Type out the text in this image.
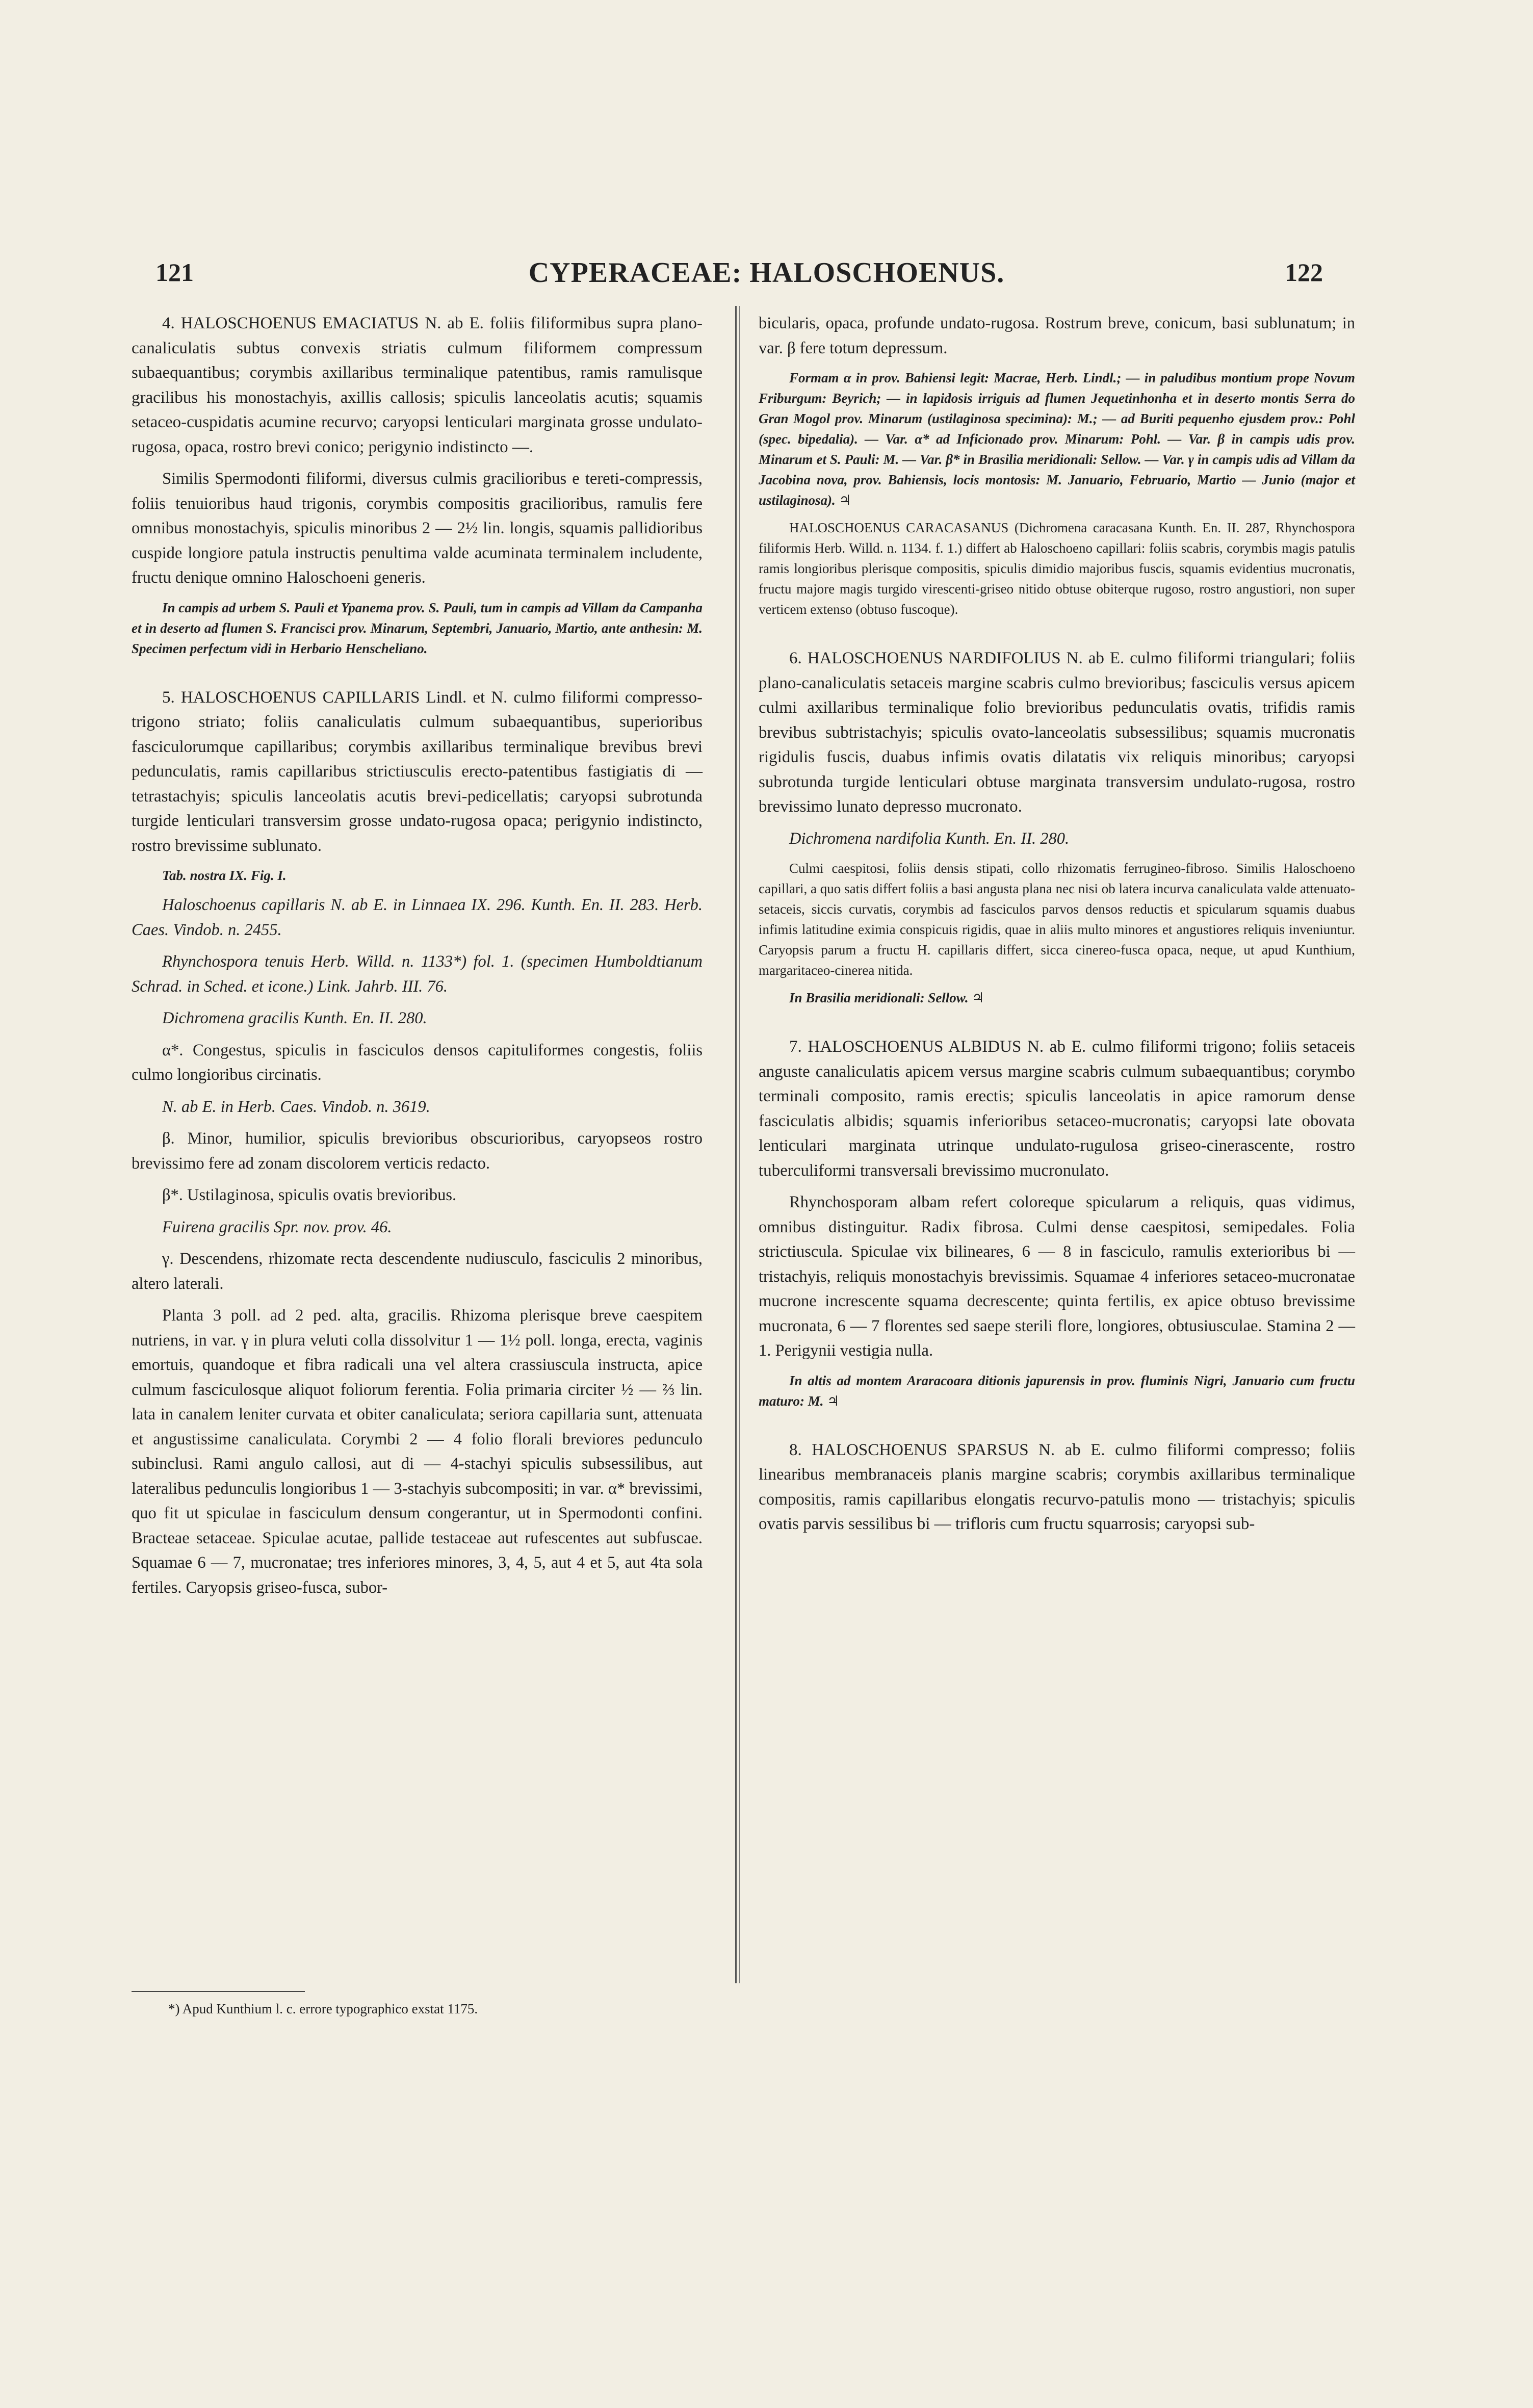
121	CYPERACEAE: HALOSCHOENUS.	122

4. HALOSCHOENUS EMACIATUS N. ab E. foliis filiformibus supra plano-canaliculatis subtus convexis striatis culmum filiformem compressum subaequantibus; corymbis axillaribus terminalique patentibus, ramis ramulisque gracilibus his monostachyis, axillis callosis; spiculis lanceolatis acutis; squamis setaceo-cuspidatis acumine recurvo; caryopsi lenticulari marginata grosse undulato-rugosa, opaca, rostro brevi conico; perigynio indistincto —.

Similis Spermodonti filiformi, diversus culmis gracilioribus e tereti-compressis, foliis tenuioribus haud trigonis, corymbis compositis gracilioribus, ramulis fere omnibus monostachyis, spiculis minoribus 2 — 2½ lin. longis, squamis pallidioribus cuspide longiore patula instructis penultima valde acuminata terminalem includente, fructu denique omnino Haloschoeni generis.

In campis ad urbem S. Pauli et Ypanema prov. S. Pauli, tum in campis ad Villam da Campanha et in deserto ad flumen S. Francisci prov. Minarum, Septembri, Januario, Martio, ante anthesin: M. Specimen perfectum vidi in Herbario Henscheliano.

5. HALOSCHOENUS CAPILLARIS Lindl. et N. culmo filiformi compresso-trigono striato; foliis canaliculatis culmum subaequantibus, superioribus fasciculorumque capillaribus; corymbis axillaribus terminalique brevibus brevi pedunculatis, ramis capillaribus strictiusculis erecto-patentibus fastigiatis di — tetrastachyis; spiculis lanceolatis acutis brevi-pedicellatis; caryopsi subrotunda turgide lenticulari transversim grosse undato-rugosa opaca; perigynio indistincto, rostro brevissime sublunato.

Tab. nostra IX. Fig. I.

Haloschoenus capillaris N. ab E. in Linnaea IX. 296. Kunth. En. II. 283. Herb. Caes. Vindob. n. 2455.

Rhynchospora tenuis Herb. Willd. n. 1133*) fol. 1. (specimen Humboldtianum Schrad. in Sched. et icone.) Link. Jahrb. III. 76.

Dichromena gracilis Kunth. En. II. 280.

α*. Congestus, spiculis in fasciculos densos capituliformes congestis, foliis culmo longioribus circinatis.

N. ab E. in Herb. Caes. Vindob. n. 3619.

β. Minor, humilior, spiculis brevioribus obscurioribus, caryopseos rostro brevissimo fere ad zonam discolorem verticis redacto.

β*. Ustilaginosa, spiculis ovatis brevioribus.

Fuirena gracilis Spr. nov. prov. 46.

γ. Descendens, rhizomate recta descendente nudiusculo, fasciculis 2 minoribus, altero laterali.

Planta 3 poll. ad 2 ped. alta, gracilis. Rhizoma plerisque breve caespitem nutriens, in var. γ in plura veluti colla dissolvitur 1 — 1½ poll. longa, erecta, vaginis emortuis, quandoque et fibra radicali una vel altera crassiuscula instructa, apice culmum fasciculosque aliquot foliorum ferentia. Folia primaria circiter ½ — ⅔ lin. lata in canalem leniter curvata et obiter canaliculata; seriora capillaria sunt, attenuata et angustissime canaliculata. Corymbi 2 — 4 folio florali breviores pedunculo subinclusi. Rami angulo callosi, aut di — 4-stachyi spiculis subsessilibus, aut lateralibus pedunculis longioribus 1 — 3-stachyis subcompositi; in var. α* brevissimi, quo fit ut spiculae in fasciculum densum congerantur, ut in Spermodonti confini. Bracteae setaceae. Spiculae acutae, pallide testaceae aut rufescentes aut subfuscae. Squamae 6 — 7, mucronatae; tres inferiores minores, 3, 4, 5, aut 4 et 5, aut 4ta sola fertiles. Caryopsis griseo-fusca, subor-

*) Apud Kunthium l. c. errore typographico exstat 1175.

bicularis, opaca, profunde undato-rugosa. Rostrum breve, conicum, basi sublunatum; in var. β fere totum depressum.

Formam α in prov. Bahiensi legit: Macrae, Herb. Lindl.; — in paludibus montium prope Novum Friburgum: Beyrich; — in lapidosis irriguis ad flumen Jequetinhonha et in deserto montis Serra do Gran Mogol prov. Minarum (ustilaginosa specimina): M.; — ad Buriti pequenho ejusdem prov.: Pohl (spec. bipedalia). — Var. α* ad Inficionado prov. Minarum: Pohl. — Var. β in campis udis prov. Minarum et S. Pauli: M. — Var. β* in Brasilia meridionali: Sellow. — Var. γ in campis udis ad Villam da Jacobina nova, prov. Bahiensis, locis montosis: M. Januario, Februario, Martio — Junio (major et ustilaginosa). ♃

HALOSCHOENUS CARACASANUS (Dichromena caracasana Kunth. En. II. 287, Rhynchospora filiformis Herb. Willd. n. 1134. f. 1.) differt ab Haloschoeno capillari: foliis scabris, corymbis magis patulis ramis longioribus plerisque compositis, spiculis dimidio majoribus fuscis, squamis evidentius mucronatis, fructu majore magis turgido virescenti-griseo nitido obtuse obiterque rugoso, rostro angustiori, non super verticem extenso (obtuso fuscoque).

6. HALOSCHOENUS NARDIFOLIUS N. ab E. culmo filiformi triangulari; foliis plano-canaliculatis setaceis margine scabris culmo brevioribus; fasciculis versus apicem culmi axillaribus terminalique folio brevioribus pedunculatis ovatis, trifidis ramis brevibus subtristachyis; spiculis ovato-lanceolatis subsessilibus; squamis mucronatis rigidulis fuscis, duabus infimis ovatis dilatatis vix reliquis minoribus; caryopsi subrotunda turgide lenticulari obtuse marginata transversim undulato-rugosa, rostro brevissimo lunato depresso mucronato.

Dichromena nardifolia Kunth. En. II. 280.

Culmi caespitosi, foliis densis stipati, collo rhizomatis ferrugineo-fibroso. Similis Haloschoeno capillari, a quo satis differt foliis a basi angusta plana nec nisi ob latera incurva canaliculata valde attenuato-setaceis, siccis curvatis, corymbis ad fasciculos parvos densos reductis et spicularum squamis duabus infimis latitudine eximia conspicuis rigidis, quae in aliis multo minores et angustiores reliquis inveniuntur. Caryopsis parum a fructu H. capillaris differt, sicca cinereo-fusca opaca, neque, ut apud Kunthium, margaritaceo-cinerea nitida.

In Brasilia meridionali: Sellow. ♃

7. HALOSCHOENUS ALBIDUS N. ab E. culmo filiformi trigono; foliis setaceis anguste canaliculatis apicem versus margine scabris culmum subaequantibus; corymbo terminali composito, ramis erectis; spiculis lanceolatis in apice ramorum dense fasciculatis albidis; squamis inferioribus setaceo-mucronatis; caryopsi late obovata lenticulari marginata utrinque undulato-rugulosa griseo-cinerascente, rostro tuberculiformi transversali brevissimo mucronulato.

Rhynchosporam albam refert coloreque spicularum a reliquis, quas vidimus, omnibus distinguitur. Radix fibrosa. Culmi dense caespitosi, semipedales. Folia strictiuscula. Spiculae vix bilineares, 6 — 8 in fasciculo, ramulis exterioribus bi — tristachyis, reliquis monostachyis brevissimis. Squamae 4 inferiores setaceo-mucronatae mucrone increscente squama decrescente; quinta fertilis, ex apice obtuso brevissime mucronata, 6 — 7 florentes sed saepe sterili flore, longiores, obtusiusculae. Stamina 2 — 1. Perigynii vestigia nulla.

In altis ad montem Araracoara ditionis japurensis in prov. fluminis Nigri, Januario cum fructu maturo: M. ♃

8. HALOSCHOENUS SPARSUS N. ab E. culmo filiformi compresso; foliis linearibus membranaceis planis margine scabris; corymbis axillaribus terminalique compositis, ramis capillaribus elongatis recurvo-patulis mono — tristachyis; spiculis ovatis parvis sessilibus bi — trifloris cum fructu squarrosis; caryopsi sub-
